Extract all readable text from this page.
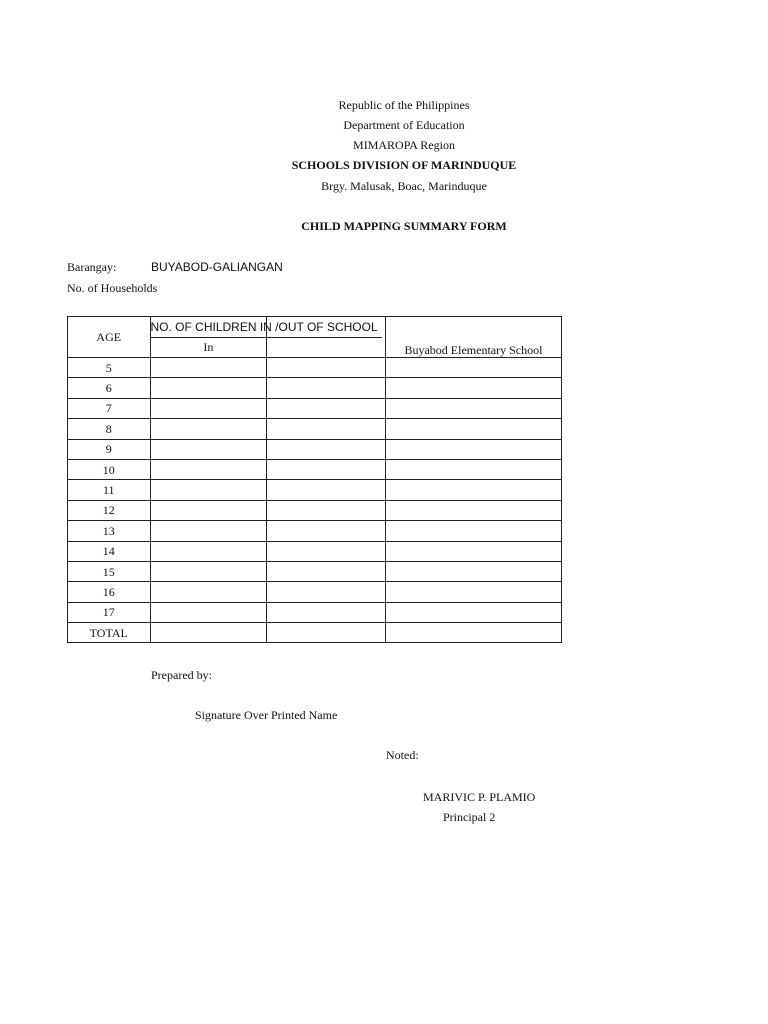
Republic of the Philippines
Department of Education
MIMAROPA Region
SCHOOLS DIVISION OF MARINDUQUE
Brgy. Malusak, Boac, Marinduque
CHILD MAPPING SUMMARY FORM
Barangay:	BUYABOD-GALIANGAN
No. of Households
AGE	NO. OF CHILDREN IN /OUT OF SCHOOL		Buyabod Elementary School
	In		
5			
6			
7			
8			
9			
10			
11			
12			
13			
14			
15			
16			
17			
TOTAL			
Prepared by:
Signature Over Printed Name
Noted:
MARIVIC P. PLAMIO
Principal 2
